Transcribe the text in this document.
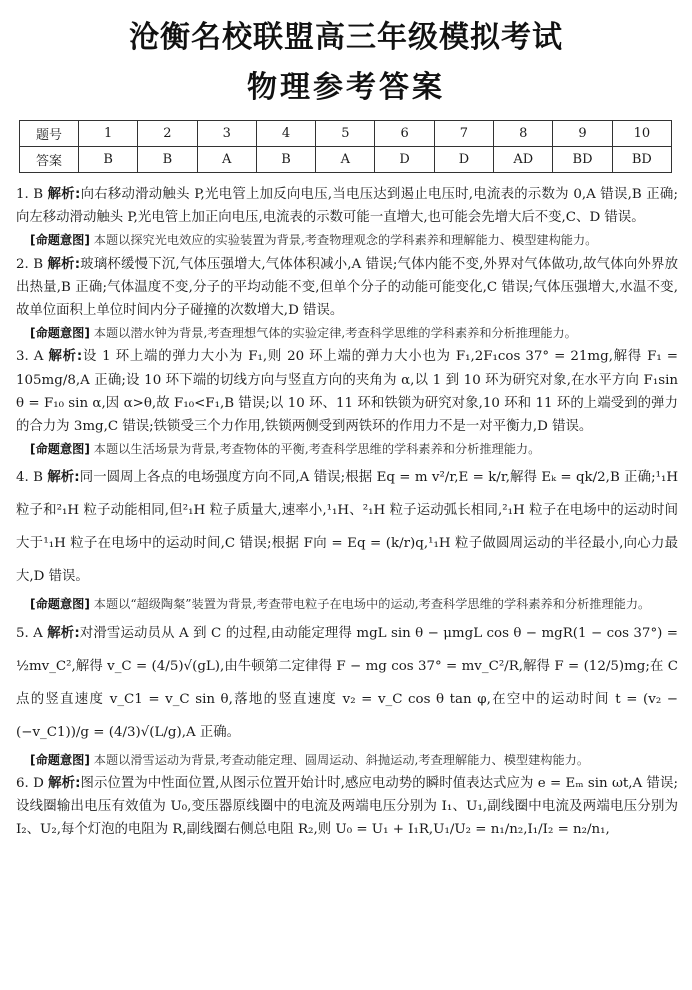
沧衡名校联盟高三年级模拟考试
物理参考答案
题号	1	2	3	4	5	6	7	8	9	10
答案	B	B	A	B	A	D	D	AD	BD	BD

1. B 解析:向右移动滑动触头 P,光电管上加反向电压,当电压达到遏止电压时,电流表的示数为 0,A 错误,B 正确;向左移动滑动触头 P,光电管上加正向电压,电流表的示数可能一直增大,也可能会先增大后不变,C、D 错误。

[命题意图] 本题以探究光电效应的实验装置为背景,考查物理观念的学科素养和理解能力、模型建构能力。

2. B 解析:玻璃杯缓慢下沉,气体压强增大,气体体积减小,A 错误;气体内能不变,外界对气体做功,故气体向外界放出热量,B 正确;气体温度不变,分子的平均动能不变,但单个分子的动能可能变化,C 错误;气体压强增大,水温不变,故单位面积上单位时间内分子碰撞的次数增大,D 错误。

[命题意图] 本题以潜水钟为背景,考查理想气体的实验定律,考查科学思维的学科素养和分析推理能力。

3. A 解析:设 1 环上端的弹力大小为 F₁,则 20 环上端的弹力大小也为 F₁,2F₁cos 37° = 21mg,解得 F₁ = 105mg/8,A 正确;设 10 环下端的切线方向与竖直方向的夹角为 α,以 1 到 10 环为研究对象,在水平方向 F₁sin θ = F₁₀ sin α,因 α>θ,故 F₁₀<F₁,B 错误;以 10 环、11 环和铁锁为研究对象,10 环和 11 环的上端受到的弹力的合力为 3mg,C 错误;铁锁受三个力作用,铁锁两侧受到两铁环的作用力不是一对平衡力,D 错误。

[命题意图] 本题以生活场景为背景,考查物体的平衡,考查科学思维的学科素养和分析推理能力。

4. B 解析:同一圆周上各点的电场强度方向不同,A 错误;根据 Eq = m v²/r,E = k/r,解得 Eₖ = qk/2,B 正确;¹₁H 粒子和²₁H 粒子动能相同,但²₁H 粒子质量大,速率小,¹₁H、²₁H 粒子运动弧长相同,²₁H 粒子在电场中的运动时间大于¹₁H 粒子在电场中的运动时间,C 错误;根据 F向 = Eq = (k/r)q,¹₁H 粒子做圆周运动的半径最小,向心力最大,D 错误。

[命题意图] 本题以“超级陶粲”装置为背景,考查带电粒子在电场中的运动,考查科学思维的学科素养和分析推理能力。

5. A 解析:对滑雪运动员从 A 到 C 的过程,由动能定理得 mgL sin θ − μmgL cos θ − mgR(1 − cos 37°) = ½mv_C²,解得 v_C = (4/5)√(gL),由牛顿第二定律得 F − mg cos 37° = mv_C²/R,解得 F = (12/5)mg;在 C 点的竖直速度 v_C1 = v_C sin θ,落地的竖直速度 v₂ = v_C cos θ tan φ,在空中的运动时间 t = (v₂ − (−v_C1))/g = (4/3)√(L/g),A 正确。

[命题意图] 本题以滑雪运动为背景,考查动能定理、圆周运动、斜抛运动,考查理解能力、模型建构能力。

6. D 解析:图示位置为中性面位置,从图示位置开始计时,感应电动势的瞬时值表达式应为 e = Eₘ sin ωt,A 错误;设线圈输出电压有效值为 U₀,变压器原线圈中的电流及两端电压分别为 I₁、U₁,副线圈中电流及两端电压分别为 I₂、U₂,每个灯泡的电阻为 R,副线圈右侧总电阻 R₂,则 U₀ = U₁ + I₁R,U₁/U₂ = n₁/n₂,I₁/I₂ = n₂/n₁,
